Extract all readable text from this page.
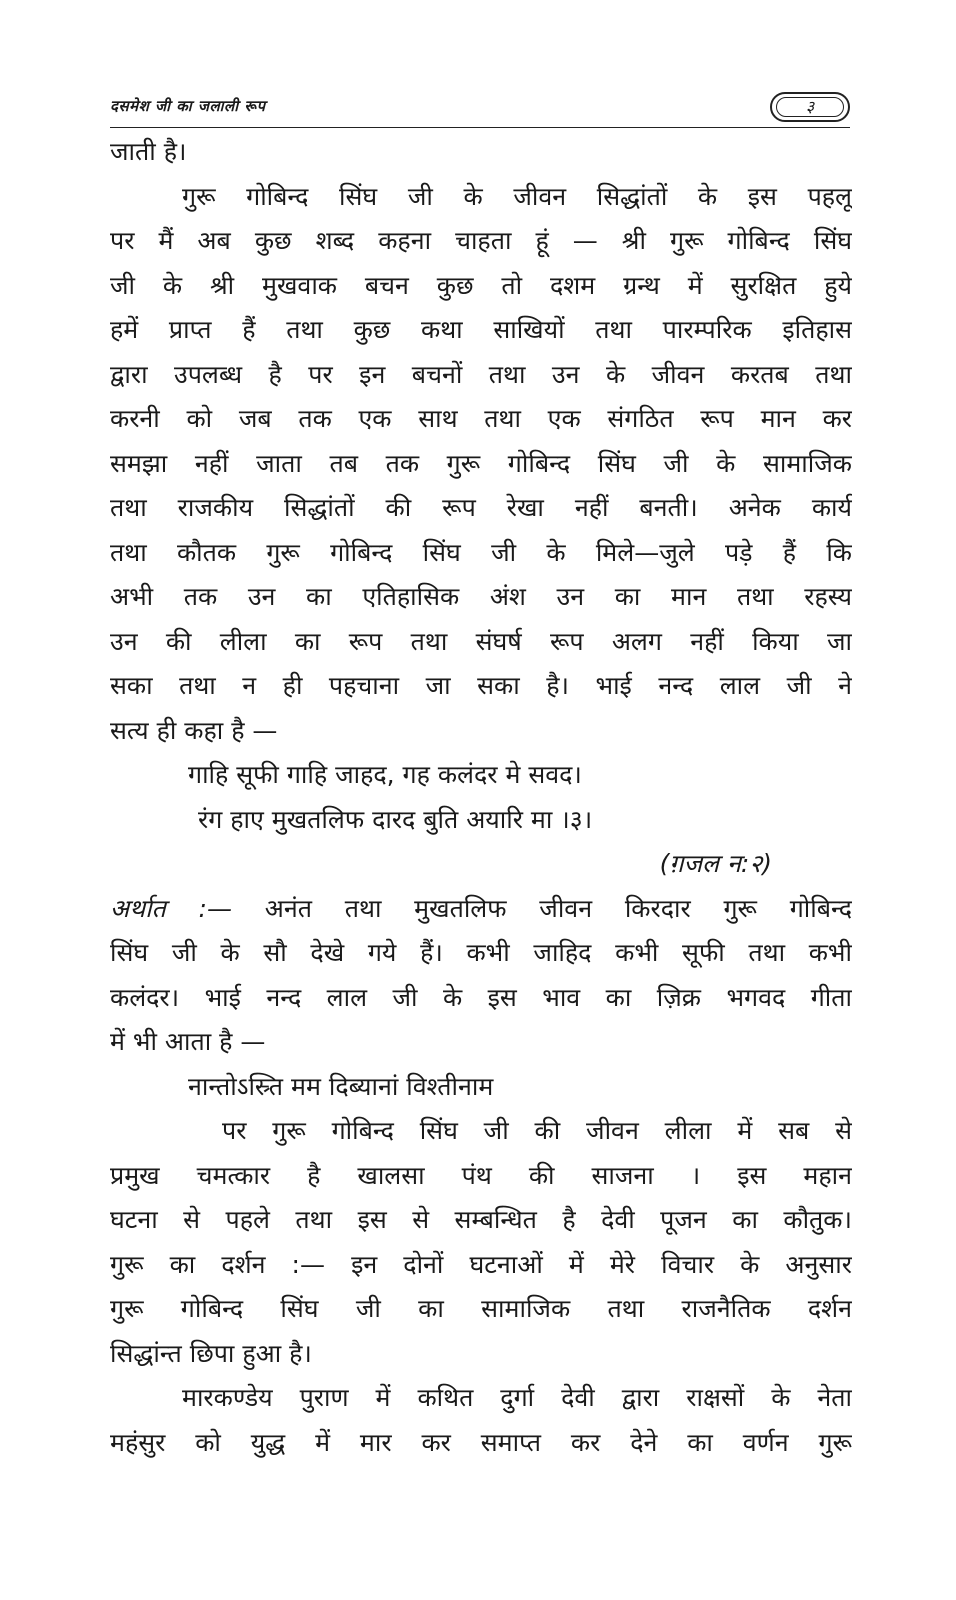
दसमेश जी का जलाली रूप	३
जाती है।
गुरू गोबिन्द सिंघ जी के जीवन सिद्धांतों के इस पहलू
पर मैं अब कुछ शब्द कहना चाहता हूं — श्री गुरू गोबिन्द सिंघ
जी के श्री मुखवाक बचन कुछ तो दशम ग्रन्थ में सुरक्षित हुये
हमें प्राप्त हैं तथा कुछ कथा साखियों तथा पारम्परिक इतिहास
द्वारा उपलब्ध है पर इन बचनों तथा उन के जीवन करतब तथा
करनी को जब तक एक साथ तथा एक संगठित रूप मान कर
समझा नहीं जाता तब तक गुरू गोबिन्द सिंघ जी के सामाजिक
तथा राजकीय सिद्धांतों की रूप रेखा नहीं बनती। अनेक कार्य
तथा कौतक गुरू गोबिन्द सिंघ जी के मिले—जुले पड़े हैं कि
अभी तक उन का एतिहासिक अंश उन का मान तथा रहस्य
उन की लीला का रूप तथा संघर्ष रूप अलग नहीं किया जा
सका तथा न ही पहचाना जा सका है। भाई नन्द लाल जी ने
सत्य ही कहा है —
गाहि सूफी गाहि जाहद, गह कलंदर मे सवद।
रंग हाए मुखतलिफ दारद बुति अयारि मा ।३।
(ग़जल न:२)
अर्थात :— अनंत तथा मुखतलिफ जीवन किरदार गुरू गोबिन्द
सिंघ जी के सौ देखे गये हैं। कभी जाहिद कभी सूफी तथा कभी
कलंदर। भाई नन्द लाल जी के इस भाव का ज़िक्र भगवद गीता
में भी आता है —
नान्तोऽस्र्ति मम दिब्यानां विश्तीनाम
पर गुरू गोबिन्द सिंघ जी की जीवन लीला में सब से
प्रमुख चमत्कार है खालसा पंथ की साजना । इस महान
घटना से पहले तथा इस से सम्बन्धित है देवी पूजन का कौतुक।
गुरू का दर्शन :— इन दोनों घटनाओं में मेरे विचार के अनुसार
गुरू गोबिन्द सिंघ जी का सामाजिक तथा राजनैतिक दर्शन
सिद्धांन्त छिपा हुआ है।
मारकण्डेय पुराण में कथित दुर्गा देवी द्वारा राक्षसों के नेता
महंसुर को युद्ध में मार कर समाप्त कर देने का वर्णन गुरू
